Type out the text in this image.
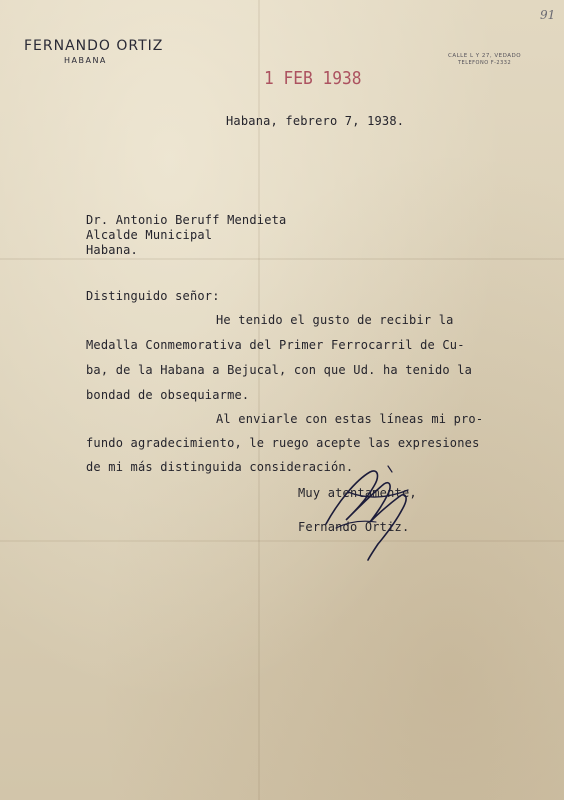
91
FERNANDO ORTIZ
HABANA	CALLE L Y 27, VEDADO
TELEFONO F-2332
1 FEB 1938
Habana, febrero 7, 1938.
Dr. Antonio Beruff Mendieta
Alcalde Municipal
Habana.
Distinguido señor:
He tenido el gusto de recibir la
Medalla Conmemorativa del Primer Ferrocarril de Cu-
ba, de la Habana a Bejucal, con que Ud. ha tenido la
bondad de obsequiarme.
Al enviarle con estas líneas mi pro-
fundo agradecimiento, le ruego acepte las expresiones
de mi más distinguida consideración.
Muy atentamente,
Fernando Ortiz.
